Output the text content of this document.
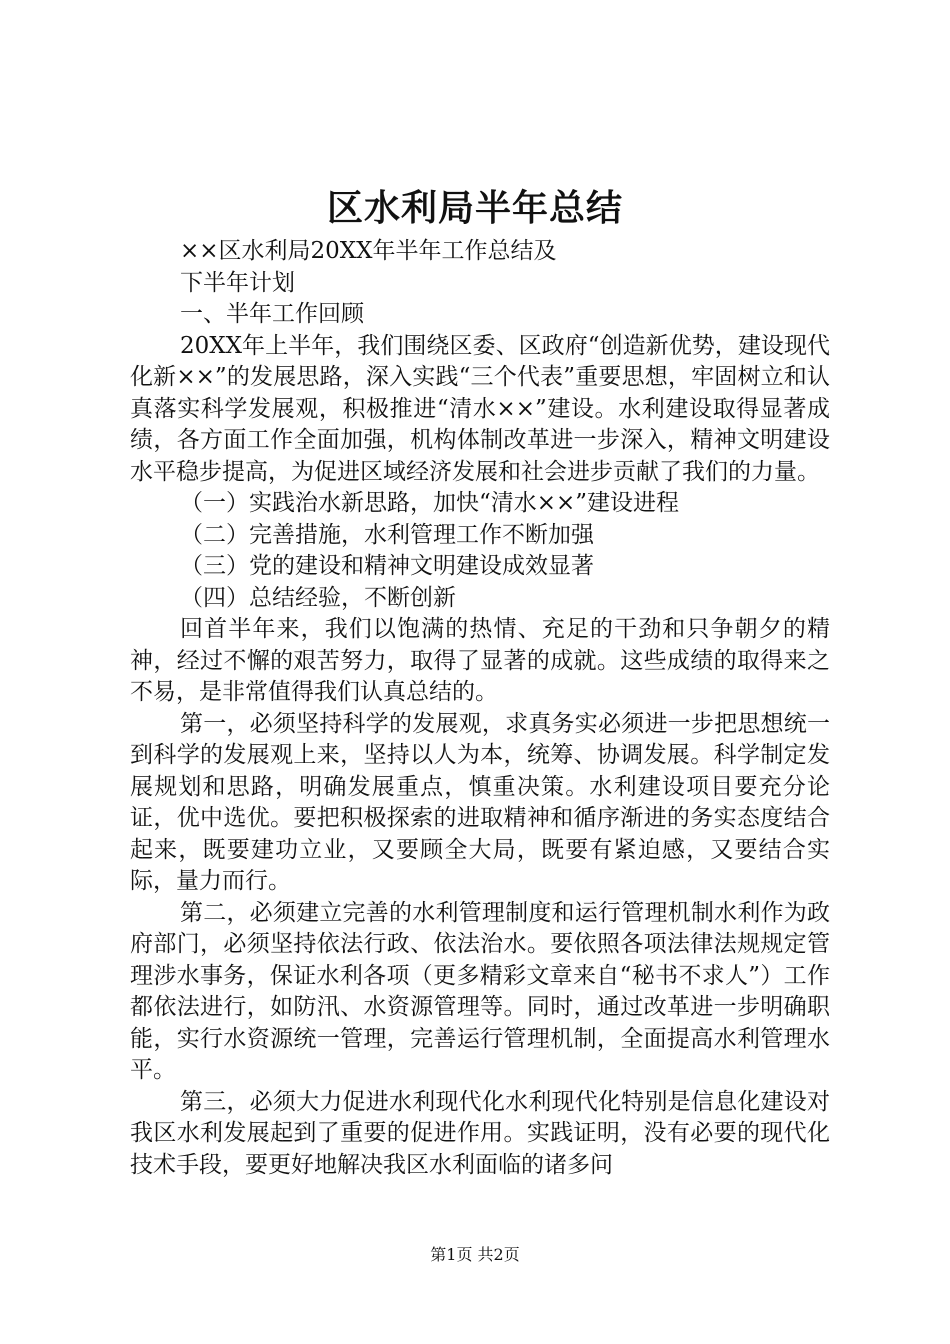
区水利局半年总结

××区水利局20XX年半年工作总结及

下半年计划

一、半年工作回顾

20XX年上半年，我们围绕区委、区政府“创造新优势，建设现代化新××”的发展思路，深入实践“三个代表”重要思想，牢固树立和认真落实科学发展观，积极推进“清水××”建设。水利建设取得显著成绩，各方面工作全面加强，机构体制改革进一步深入，精神文明建设水平稳步提高，为促进区域经济发展和社会进步贡献了我们的力量。

（一）实践治水新思路，加快“清水××”建设进程

（二）完善措施，水利管理工作不断加强

（三）党的建设和精神文明建设成效显著

（四）总结经验，不断创新

回首半年来，我们以饱满的热情、充足的干劲和只争朝夕的精神，经过不懈的艰苦努力，取得了显著的成就。这些成绩的取得来之不易，是非常值得我们认真总结的。

第一，必须坚持科学的发展观，求真务实必须进一步把思想统一到科学的发展观上来，坚持以人为本，统筹、协调发展。科学制定发展规划和思路，明确发展重点，慎重决策。水利建设项目要充分论证，优中选优。要把积极探索的进取精神和循序渐进的务实态度结合起来，既要建功立业，又要顾全大局，既要有紧迫感，又要结合实际，量力而行。

第二，必须建立完善的水利管理制度和运行管理机制水利作为政府部门，必须坚持依法行政、依法治水。要依照各项法律法规规定管理涉水事务，保证水利各项（更多精彩文章来自“秘书不求人”）工作都依法进行，如防汛、水资源管理等。同时，通过改革进一步明确职能，实行水资源统一管理，完善运行管理机制，全面提高水利管理水平。

第三，必须大力促进水利现代化水利现代化特别是信息化建设对我区水利发展起到了重要的促进作用。实践证明，没有必要的现代化技术手段，要更好地解决我区水利面临的诸多问

第1页 共2页
